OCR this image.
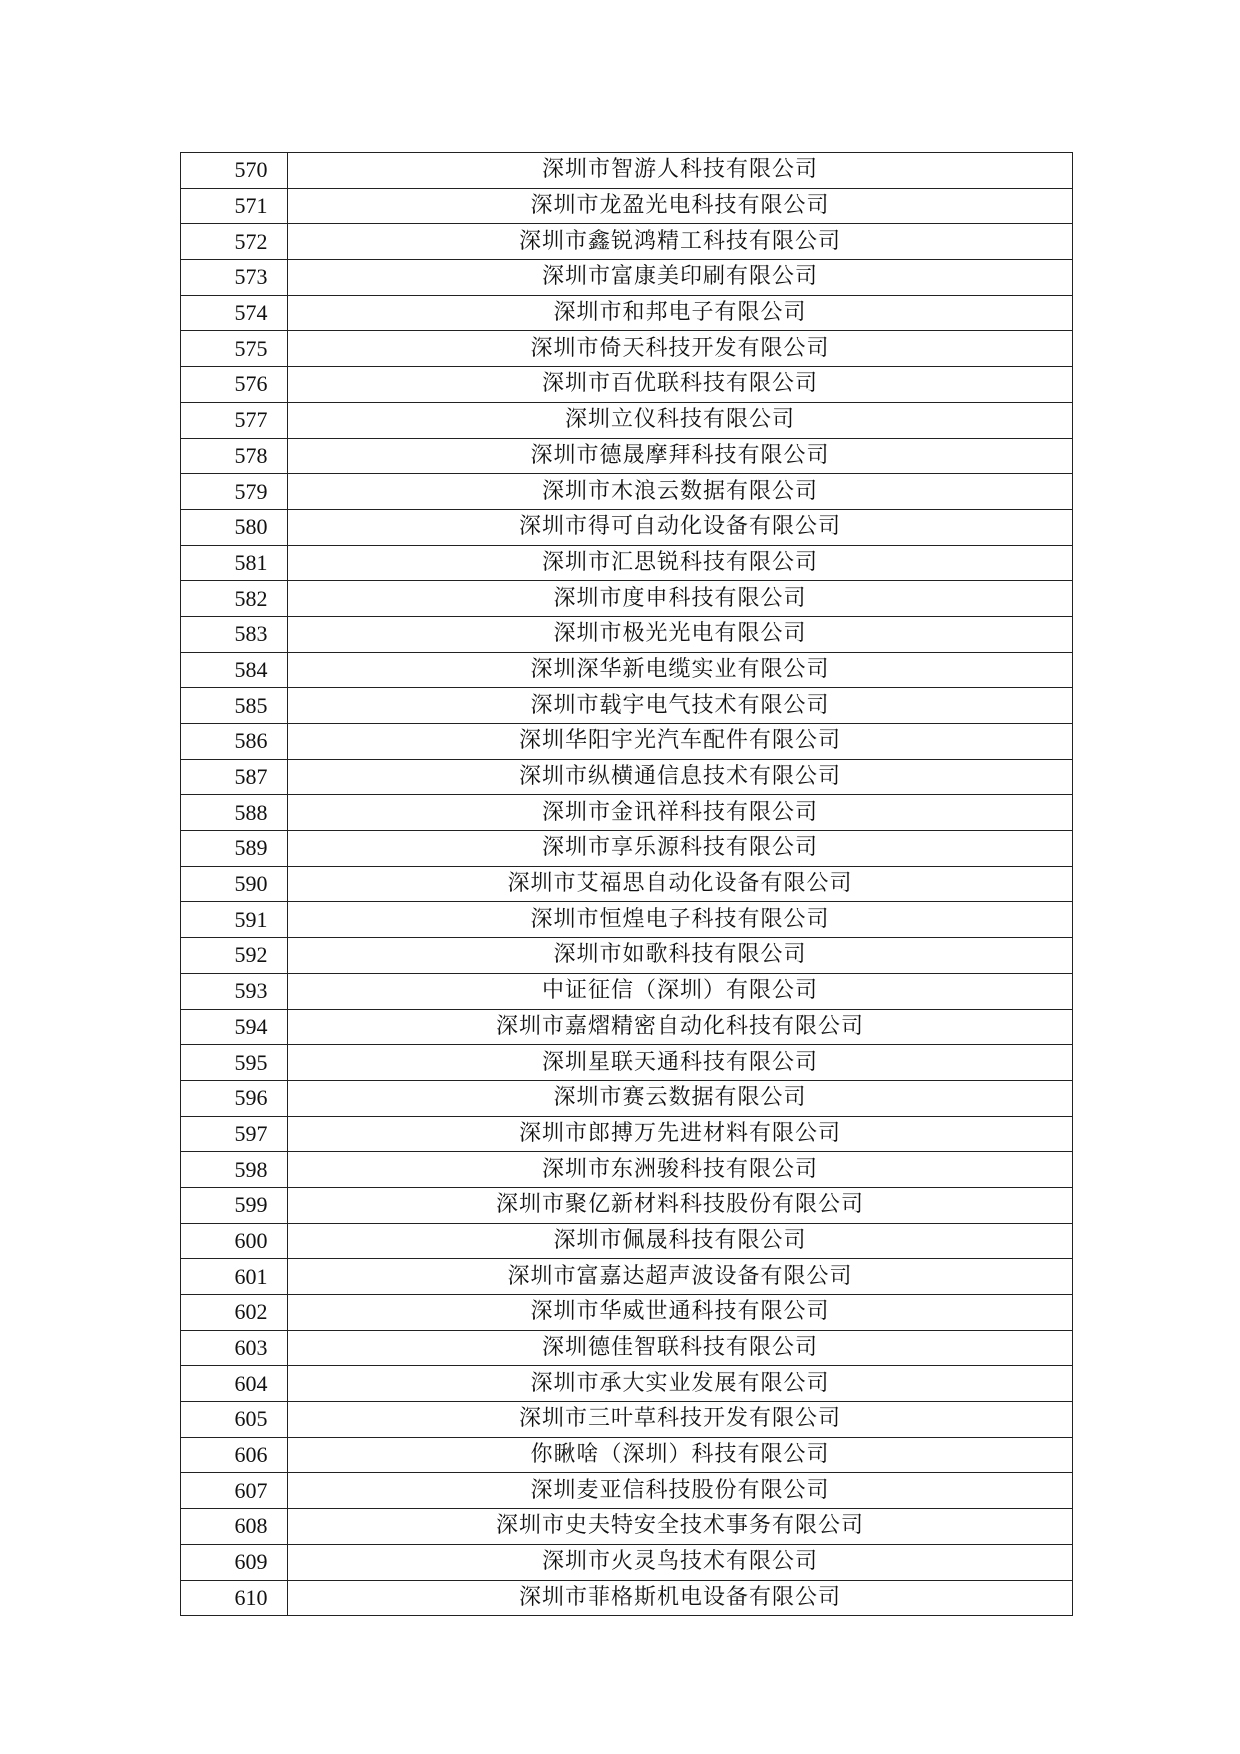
570	深圳市智游人科技有限公司
571	深圳市龙盈光电科技有限公司
572	深圳市鑫锐鸿精工科技有限公司
573	深圳市富康美印刷有限公司
574	深圳市和邦电子有限公司
575	深圳市倚天科技开发有限公司
576	深圳市百优联科技有限公司
577	深圳立仪科技有限公司
578	深圳市德晟摩拜科技有限公司
579	深圳市木浪云数据有限公司
580	深圳市得可自动化设备有限公司
581	深圳市汇思锐科技有限公司
582	深圳市度申科技有限公司
583	深圳市极光光电有限公司
584	深圳深华新电缆实业有限公司
585	深圳市载宇电气技术有限公司
586	深圳华阳宇光汽车配件有限公司
587	深圳市纵横通信息技术有限公司
588	深圳市金讯祥科技有限公司
589	深圳市享乐源科技有限公司
590	深圳市艾福思自动化设备有限公司
591	深圳市恒煌电子科技有限公司
592	深圳市如歌科技有限公司
593	中证征信（深圳）有限公司
594	深圳市嘉熠精密自动化科技有限公司
595	深圳星联天通科技有限公司
596	深圳市赛云数据有限公司
597	深圳市郎搏万先进材料有限公司
598	深圳市东洲骏科技有限公司
599	深圳市聚亿新材料科技股份有限公司
600	深圳市佩晟科技有限公司
601	深圳市富嘉达超声波设备有限公司
602	深圳市华威世通科技有限公司
603	深圳德佳智联科技有限公司
604	深圳市承大实业发展有限公司
605	深圳市三叶草科技开发有限公司
606	你瞅啥（深圳）科技有限公司
607	深圳麦亚信科技股份有限公司
608	深圳市史夫特安全技术事务有限公司
609	深圳市火灵鸟技术有限公司
610	深圳市菲格斯机电设备有限公司
